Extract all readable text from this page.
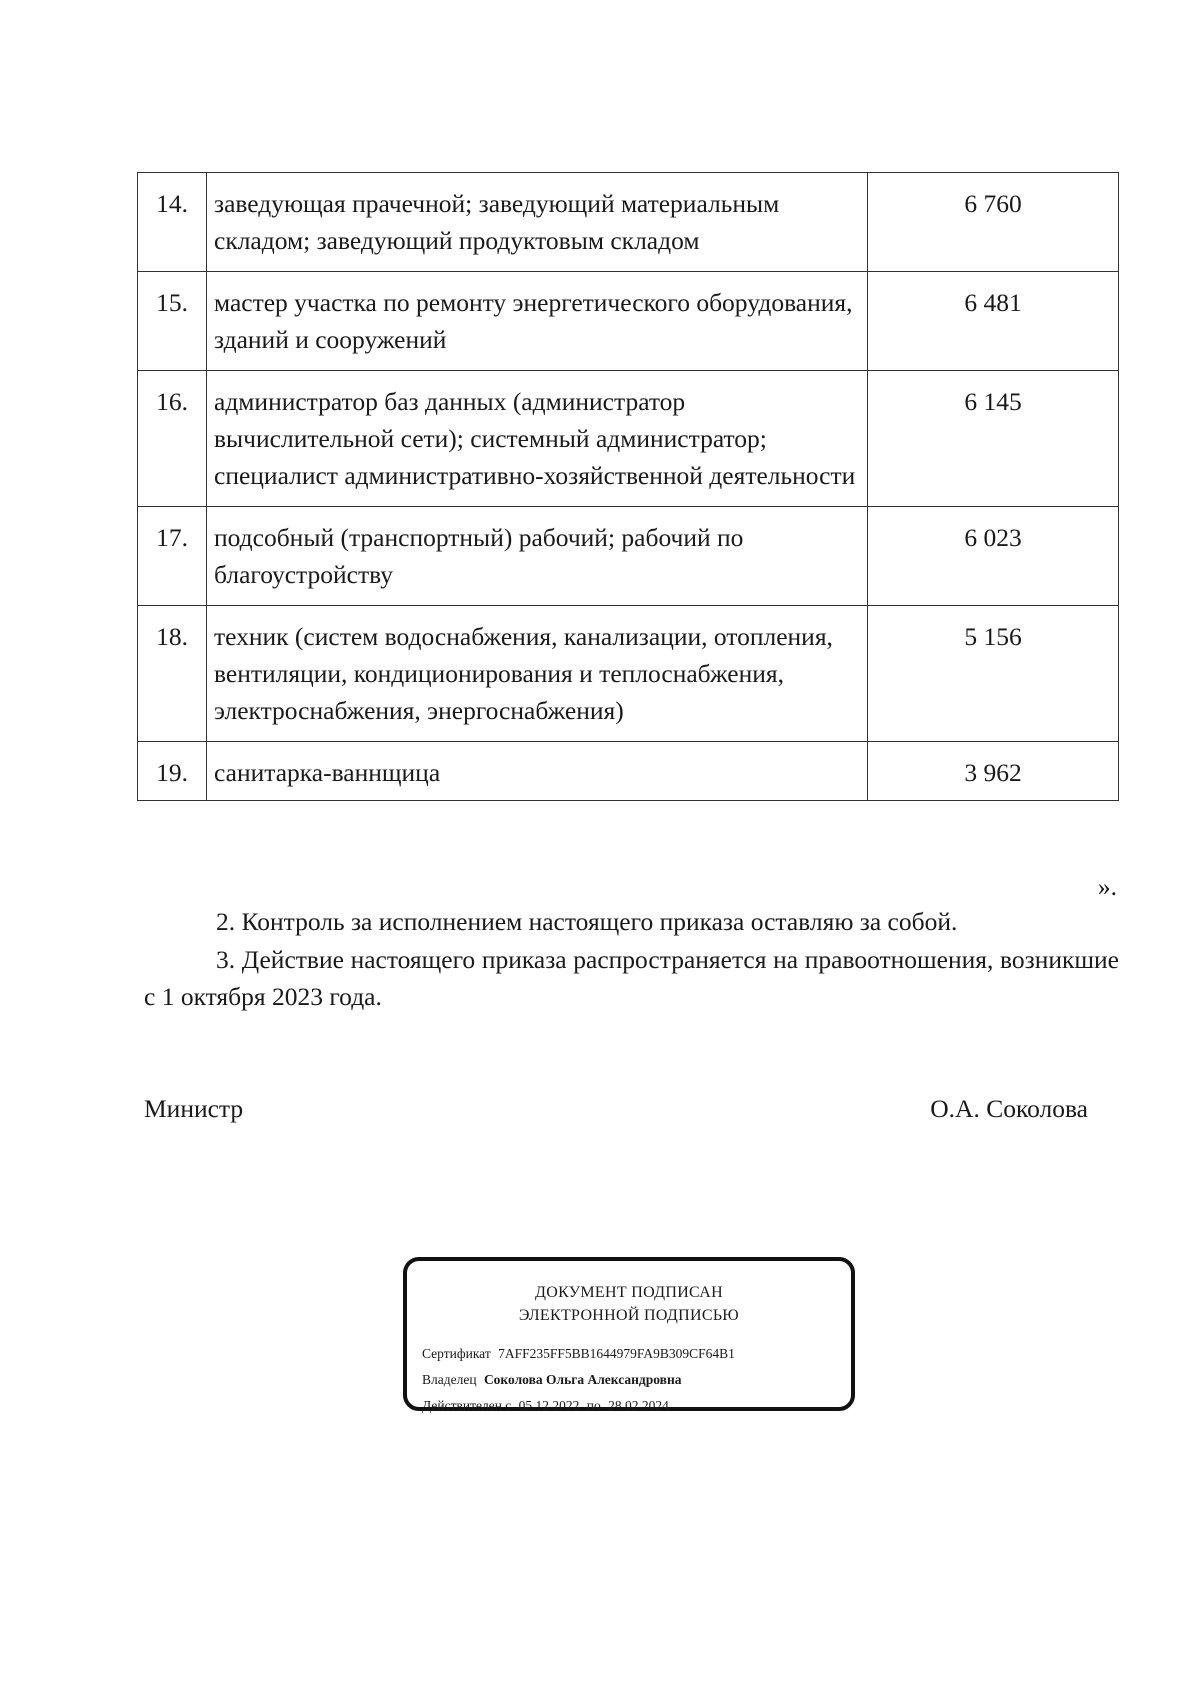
14.	заведующая прачечной; заведующий материальным складом; заведующий продуктовым складом	6 760
15.	мастер участка по ремонту энергетического оборудования, зданий и сооружений	6 481
16.	администратор баз данных (администратор вычислительной сети); системный администратор; специалист административно-хозяйственной деятельности	6 145
17.	подсобный (транспортный) рабочий; рабочий по благоустройству	6 023
18.	техник (систем водоснабжения, канализации, отопления, вентиляции, кондиционирования и теплоснабжения, электроснабжения, энергоснабжения)	5 156
19.	санитарка-ваннщица	3 962
».
2. Контроль за исполнением настоящего приказа оставляю за собой.
3. Действие настоящего приказа распространяется на правоотношения, возникшие с 1 октября 2023 года.
Министр	О.А. Соколова
ДОКУМЕНТ ПОДПИСАН
ЭЛЕКТРОННОЙ ПОДПИСЬЮ
Сертификат 7AFF235FF5BB1644979FA9B309CF64B1
Владелец Соколова Ольга Александровна
Действителен с 05.12.2022 по 28.02.2024
